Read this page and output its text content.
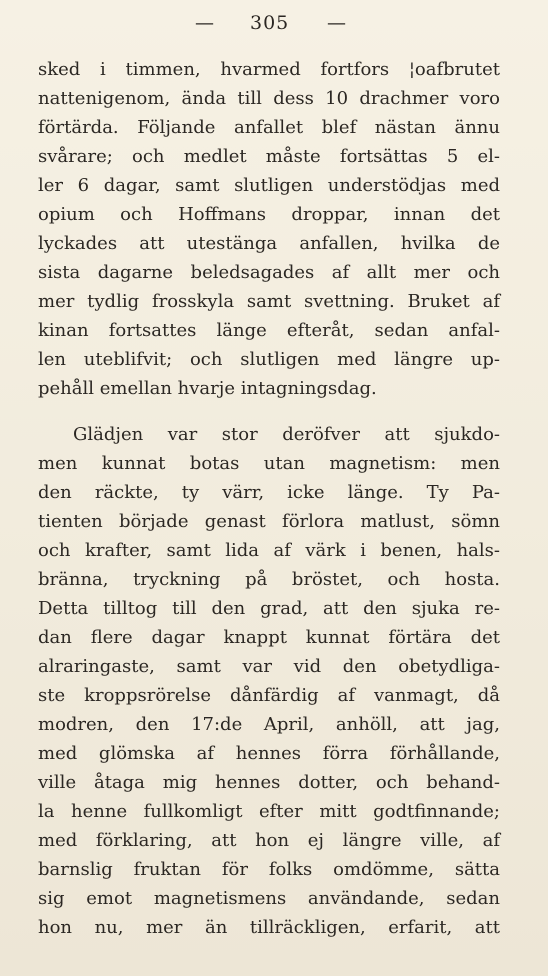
— 305 —
sked i timmen, hvarmed fortfors ¦oafbrutet
nattenigenom, ända till dess 10 drachmer voro
förtärda. Följande anfallet blef nästan ännu
svårare; och medlet måste fortsättas 5 el-
ler 6 dagar, samt slutligen understödjas med
opium och Hoffmans droppar, innan det
lyckades att utestänga anfallen, hvilka de
sista dagarne beledsagades af allt mer och
mer tydlig frosskyla samt svettning. Bruket af
kinan fortsattes länge efteråt, sedan anfal-
len uteblifvit; och slutligen med längre up-
pehåll emellan hvarje intagningsdag.
Glädjen var stor deröfver att sjukdo-
men kunnat botas utan magnetism: men
den räckte, ty värr, icke länge. Ty Pa-
tienten började genast förlora matlust, sömn
och krafter, samt lida af värk i benen, hals-
bränna, tryckning på bröstet, och hosta.
Detta tilltog till den grad, att den sjuka re-
dan flere dagar knappt kunnat förtära det
alraringaste, samt var vid den obetydliga-
ste kroppsrörelse dånfärdig af vanmagt, då
modren, den 17:de April, anhöll, att jag,
med glömska af hennes förra förhållande,
ville åtaga mig hennes dotter, och behand-
la henne fullkomligt efter mitt godtfinnande;
med förklaring, att hon ej längre ville, af
barnslig fruktan för folks omdömme, sätta
sig emot magnetismens användande, sedan
hon nu, mer än tillräckligen, erfarit, att
